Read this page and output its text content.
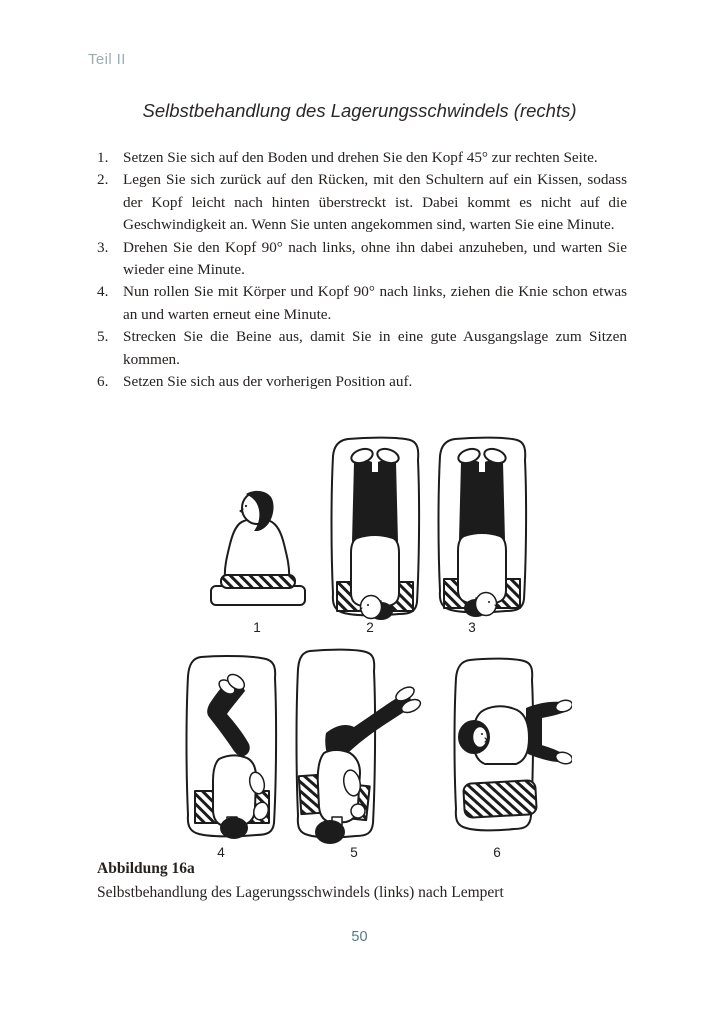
Teil II
Selbstbehandlung des Lagerungsschwindels (rechts)
1. Setzen Sie sich auf den Boden und drehen Sie den Kopf 45° zur rechten Seite.
2. Legen Sie sich zurück auf den Rücken, mit den Schultern auf ein Kissen, sodass der Kopf leicht nach hinten überstreckt ist. Dabei kommt es nicht auf die Geschwindigkeit an. Wenn Sie unten angekommen sind, warten Sie eine Minute.
3. Drehen Sie den Kopf 90° nach links, ohne ihn dabei anzuheben, und warten Sie wieder eine Minute.
4. Nun rollen Sie mit Körper und Kopf 90° nach links, ziehen die Knie schon etwas an und warten erneut eine Minute.
5. Strecken Sie die Beine aus, damit Sie in eine gute Ausgangslage zum Sitzen kommen.
6. Setzen Sie sich aus der vorherigen Position auf.
1	2	3
4	5	6
Abbildung 16a
Selbstbehandlung des Lagerungsschwindels (links) nach Lempert
50
